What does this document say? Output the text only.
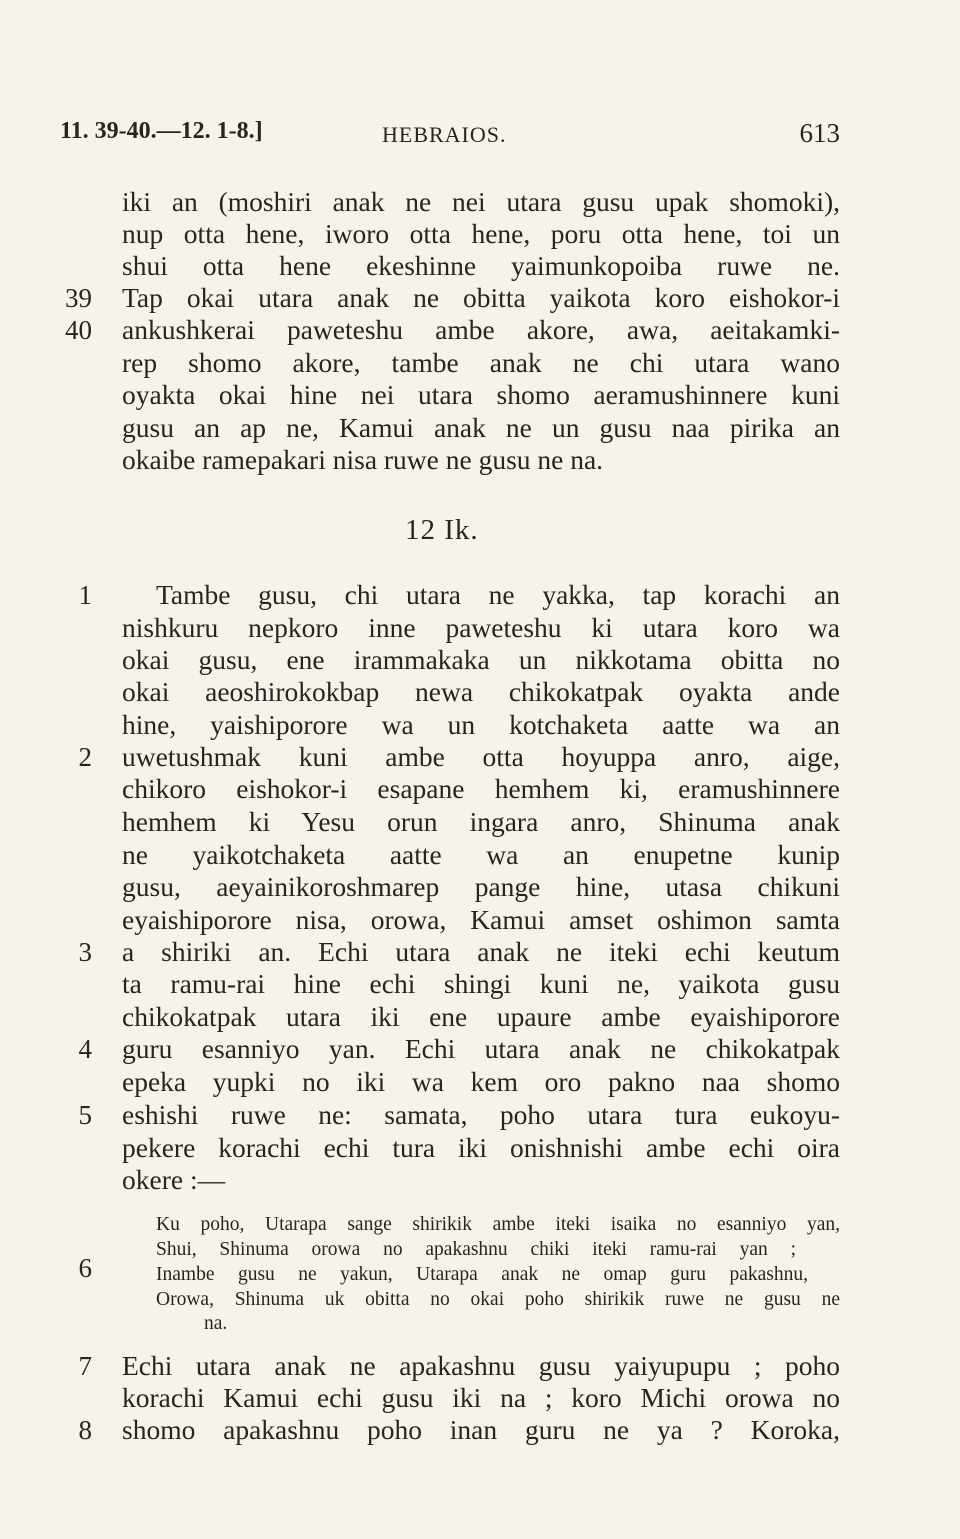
11. 39-40.—12. 1-8.]	HEBRAIOS.	613
iki an (moshiri anak ne nei utara gusu upak shomoki),
nup otta hene, iworo otta hene, poru otta hene, toi un
shui otta hene ekeshinne yaimunkopoiba ruwe ne.
39 Tap okai utara anak ne obitta yaikota koro eishokor-i
40 ankushkerai paweteshu ambe akore, awa, aeitakamki-
rep shomo akore, tambe anak ne chi utara wano
oyakta okai hine nei utara shomo aeramushinnere kuni
gusu an ap ne, Kamui anak ne un gusu naa pirika an
okaibe ramepakari nisa ruwe ne gusu ne na.
12 Ik.
1 Tambe gusu, chi utara ne yakka, tap korachi an
nishkuru nepkoro inne paweteshu ki utara koro wa
okai gusu, ene irammakaka un nikkotama obitta no
okai aeoshirokokbap newa chikokatpak oyakta ande
hine, yaishiporore wa un kotchaketa aatte wa an
2 uwetushmak kuni ambe otta hoyuppa anro, aige,
chikoro eishokor-i esapane hemhem ki, eramushinnere
hemhem ki Yesu orun ingara anro, Shinuma anak
ne yaikotchaketa aatte wa an enupetne kunip
gusu, aeyainikoroshmarep pange hine, utasa chikuni
eyaishiporore nisa, orowa, Kamui amset oshimon samta
3 a shiriki an. Echi utara anak ne iteki echi keutum
ta ramu-rai hine echi shingi kuni ne, yaikota gusu
chikokatpak utara iki ene upaure ambe eyaishiporore
4 guru esanniyo yan. Echi utara anak ne chikokatpak
epeka yupki no iki wa kem oro pakno naa shomo
5 eshishi ruwe ne: samata, poho utara tura eukoyu-
pekere korachi echi tura iki onishnishi ambe echi oira
okere :—
Ku poho, Utarapa sange shirikik ambe iteki isaika no esanniyo yan,
Shui, Shinuma orowa no apakashnu chiki iteki ramu-rai yan ;
6	Inambe gusu ne yakun, Utarapa anak ne omap guru pakashnu,
Orowa, Shinuma uk obitta no okai poho shirikik ruwe ne gusu ne
na.
7 Echi utara anak ne apakashnu gusu yaiyupupu ; poho
korachi Kamui echi gusu iki na ; koro Michi orowa no
8 shomo apakashnu poho inan guru ne ya ? Koroka,
